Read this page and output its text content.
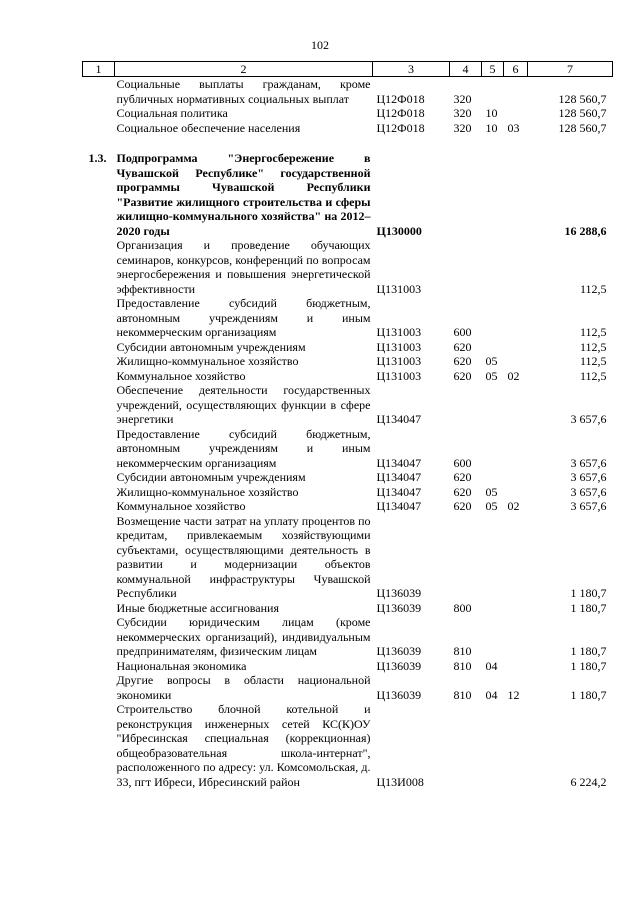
102
1	2	3	4	5	6	7
	Социальные выплаты гражданам, кроме публичных нормативных социальных выплат	Ц12Ф018	320			128 560,7
	Социальная политика	Ц12Ф018	320	10		128 560,7
	Социальное обеспечение населения	Ц12Ф018	320	10	03	128 560,7

1.3.	Подпрограмма "Энергосбережение в Чувашской Республике" государственной программы Чувашской Республики "Развитие жилищного строительства и сферы жилищно-коммунального хозяйства" на 2012–2020 годы	Ц130000				16 288,6
	Организация и проведение обучающих семинаров, конкурсов, конференций по вопросам энергосбережения и повышения энергетической эффективности	Ц131003				112,5
	Предоставление субсидий бюджетным, автономным учреждениям и иным некоммерческим организациям	Ц131003	600			112,5
	Субсидии автономным учреждениям	Ц131003	620			112,5
	Жилищно-коммунальное хозяйство	Ц131003	620	05		112,5
	Коммунальное хозяйство	Ц131003	620	05	02	112,5
	Обеспечение деятельности государственных учреждений, осуществляющих функции в сфере энергетики	Ц134047				3 657,6
	Предоставление субсидий бюджетным, автономным учреждениям и иным некоммерческим организациям	Ц134047	600			3 657,6
	Субсидии автономным учреждениям	Ц134047	620			3 657,6
	Жилищно-коммунальное хозяйство	Ц134047	620	05		3 657,6
	Коммунальное хозяйство	Ц134047	620	05	02	3 657,6
	Возмещение части затрат на уплату процентов по кредитам, привлекаемым хозяйствующими субъектами, осуществляющими деятельность в развитии и модернизации объектов коммунальной инфраструктуры Чувашской Республики	Ц136039				1 180,7
	Иные бюджетные ассигнования	Ц136039	800			1 180,7
	Субсидии юридическим лицам (кроме некоммерческих организаций), индивидуальным предпринимателям, физическим лицам	Ц136039	810			1 180,7
	Национальная экономика	Ц136039	810	04		1 180,7
	Другие вопросы в области национальной экономики	Ц136039	810	04	12	1 180,7
	Строительство блочной котельной и реконструкция инженерных сетей КС(К)ОУ "Ибресинская специальная (коррекционная) общеобразовательная школа-интернат", расположенного по адресу: ул. Комсомольская, д. 33, пгт Ибреси, Ибресинский район	Ц13И008				6 224,2
